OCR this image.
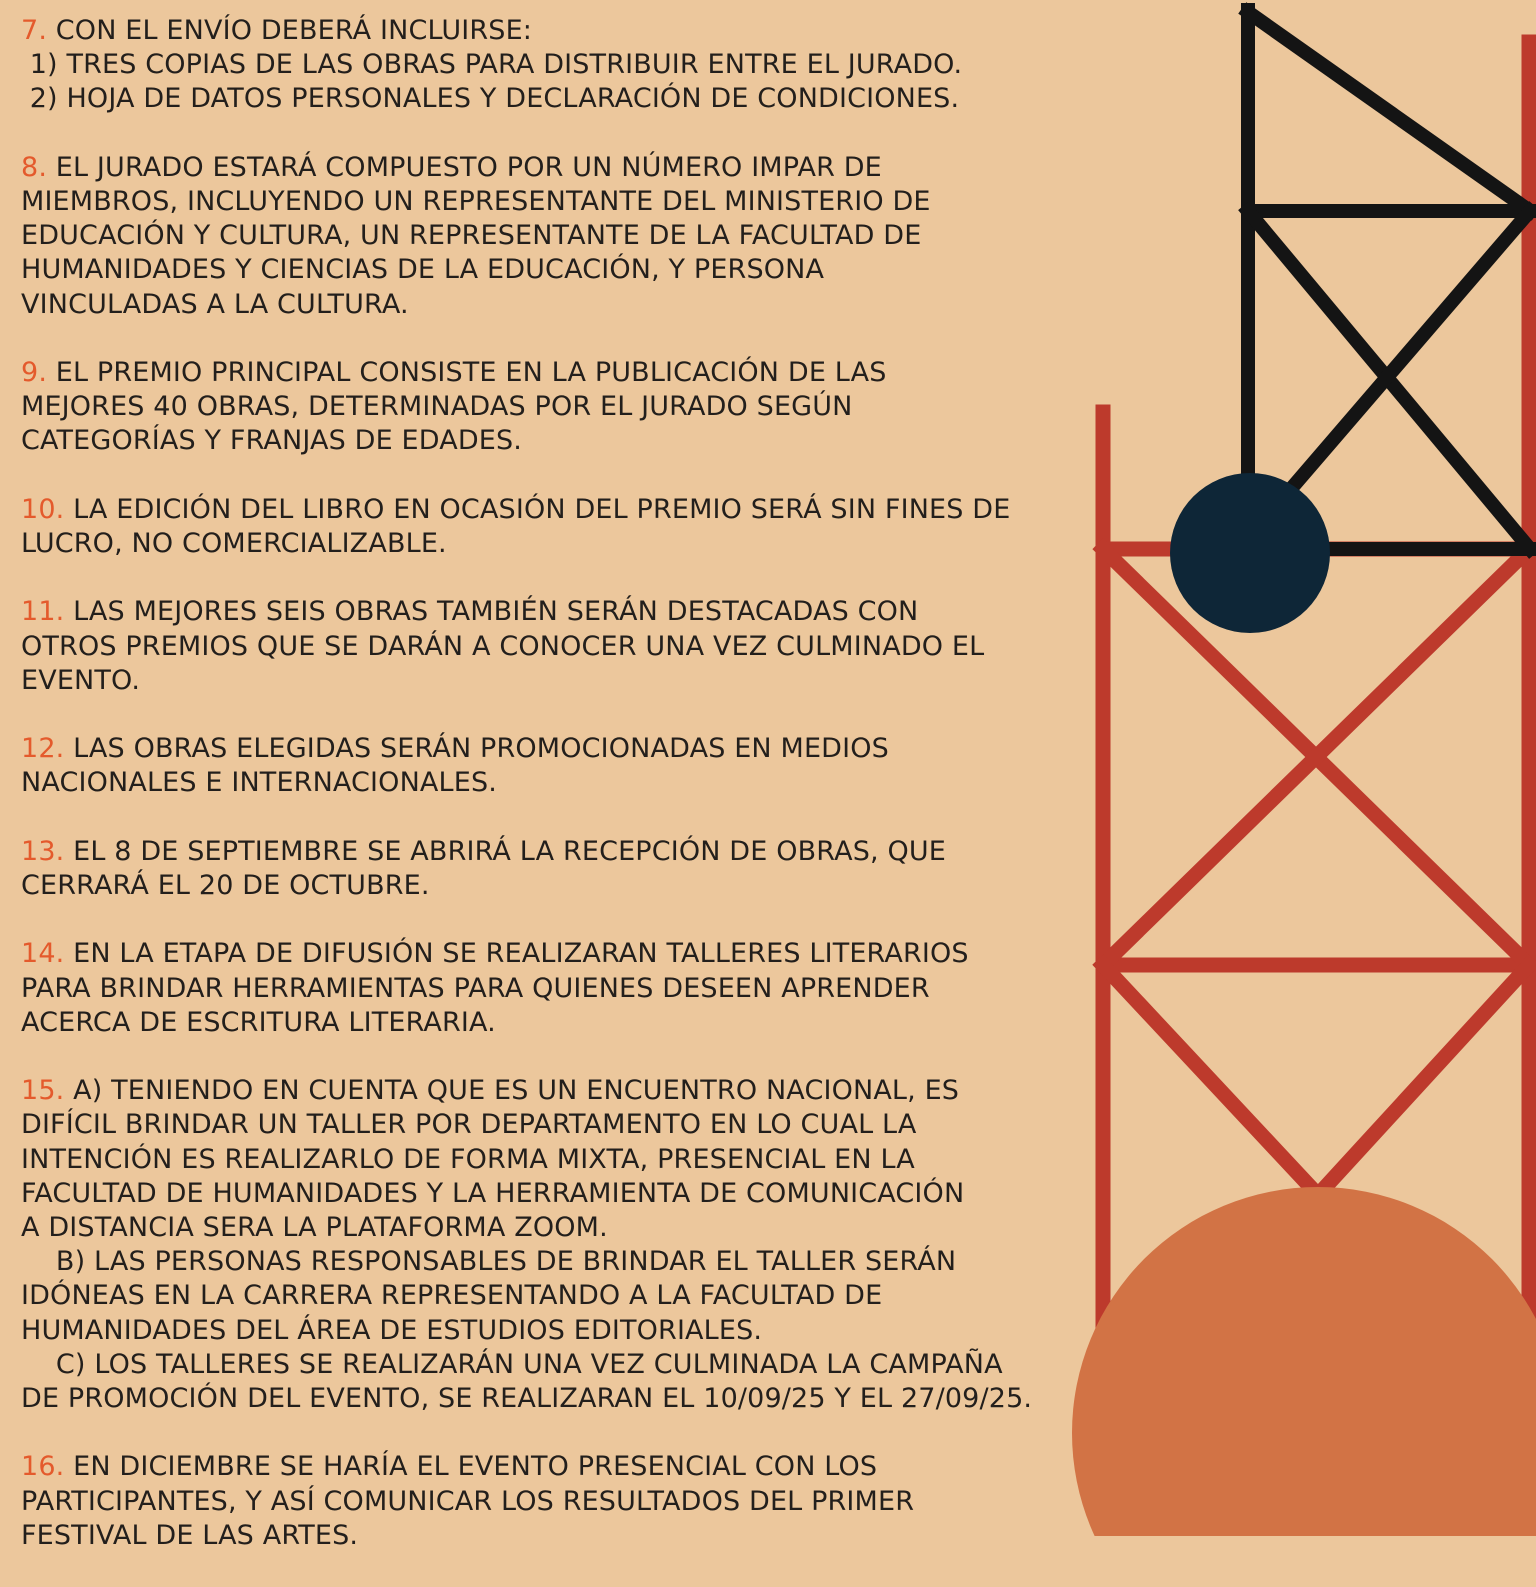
7. CON EL ENVÍO DEBERÁ INCLUIRSE:
1) TRES COPIAS DE LAS OBRAS PARA DISTRIBUIR ENTRE EL JURADO.
2) HOJA DE DATOS PERSONALES Y DECLARACIÓN DE CONDICIONES.
8. EL JURADO ESTARÁ COMPUESTO POR UN NÚMERO IMPAR DE
MIEMBROS, INCLUYENDO UN REPRESENTANTE DEL MINISTERIO DE
EDUCACIÓN Y CULTURA, UN REPRESENTANTE DE LA FACULTAD DE
HUMANIDADES Y CIENCIAS DE LA EDUCACIÓN, Y PERSONA
VINCULADAS A LA CULTURA.
9. EL PREMIO PRINCIPAL CONSISTE EN LA PUBLICACIÓN DE LAS
MEJORES 40 OBRAS, DETERMINADAS POR EL JURADO SEGÚN
CATEGORÍAS Y FRANJAS DE EDADES.
10. LA EDICIÓN DEL LIBRO EN OCASIÓN DEL PREMIO SERÁ SIN FINES DE
LUCRO, NO COMERCIALIZABLE.
11. LAS MEJORES SEIS OBRAS TAMBIÉN SERÁN DESTACADAS CON
OTROS PREMIOS QUE SE DARÁN A CONOCER UNA VEZ CULMINADO EL
EVENTO.
12. LAS OBRAS ELEGIDAS SERÁN PROMOCIONADAS EN MEDIOS
NACIONALES E INTERNACIONALES.
13. EL 8 DE SEPTIEMBRE SE ABRIRÁ LA RECEPCIÓN DE OBRAS, QUE
CERRARÁ EL 20 DE OCTUBRE.
14. EN LA ETAPA DE DIFUSIÓN SE REALIZARAN TALLERES LITERARIOS
PARA BRINDAR HERRAMIENTAS PARA QUIENES DESEEN APRENDER
ACERCA DE ESCRITURA LITERARIA.
15. A) TENIENDO EN CUENTA QUE ES UN ENCUENTRO NACIONAL, ES
DIFÍCIL BRINDAR UN TALLER POR DEPARTAMENTO EN LO CUAL LA
INTENCIÓN ES REALIZARLO DE FORMA MIXTA, PRESENCIAL EN LA
FACULTAD DE HUMANIDADES Y LA HERRAMIENTA DE COMUNICACIÓN
A DISTANCIA SERA LA PLATAFORMA ZOOM.
B) LAS PERSONAS RESPONSABLES DE BRINDAR EL TALLER SERÁN
IDÓNEAS EN LA CARRERA REPRESENTANDO A LA FACULTAD DE
HUMANIDADES DEL ÁREA DE ESTUDIOS EDITORIALES.
C) LOS TALLERES SE REALIZARÁN UNA VEZ CULMINADA LA CAMPAÑA
DE PROMOCIÓN DEL EVENTO, SE REALIZARAN EL 10/09/25 Y EL 27/09/25.
16. EN DICIEMBRE SE HARÍA EL EVENTO PRESENCIAL CON LOS
PARTICIPANTES, Y ASÍ COMUNICAR LOS RESULTADOS DEL PRIMER
FESTIVAL DE LAS ARTES.
